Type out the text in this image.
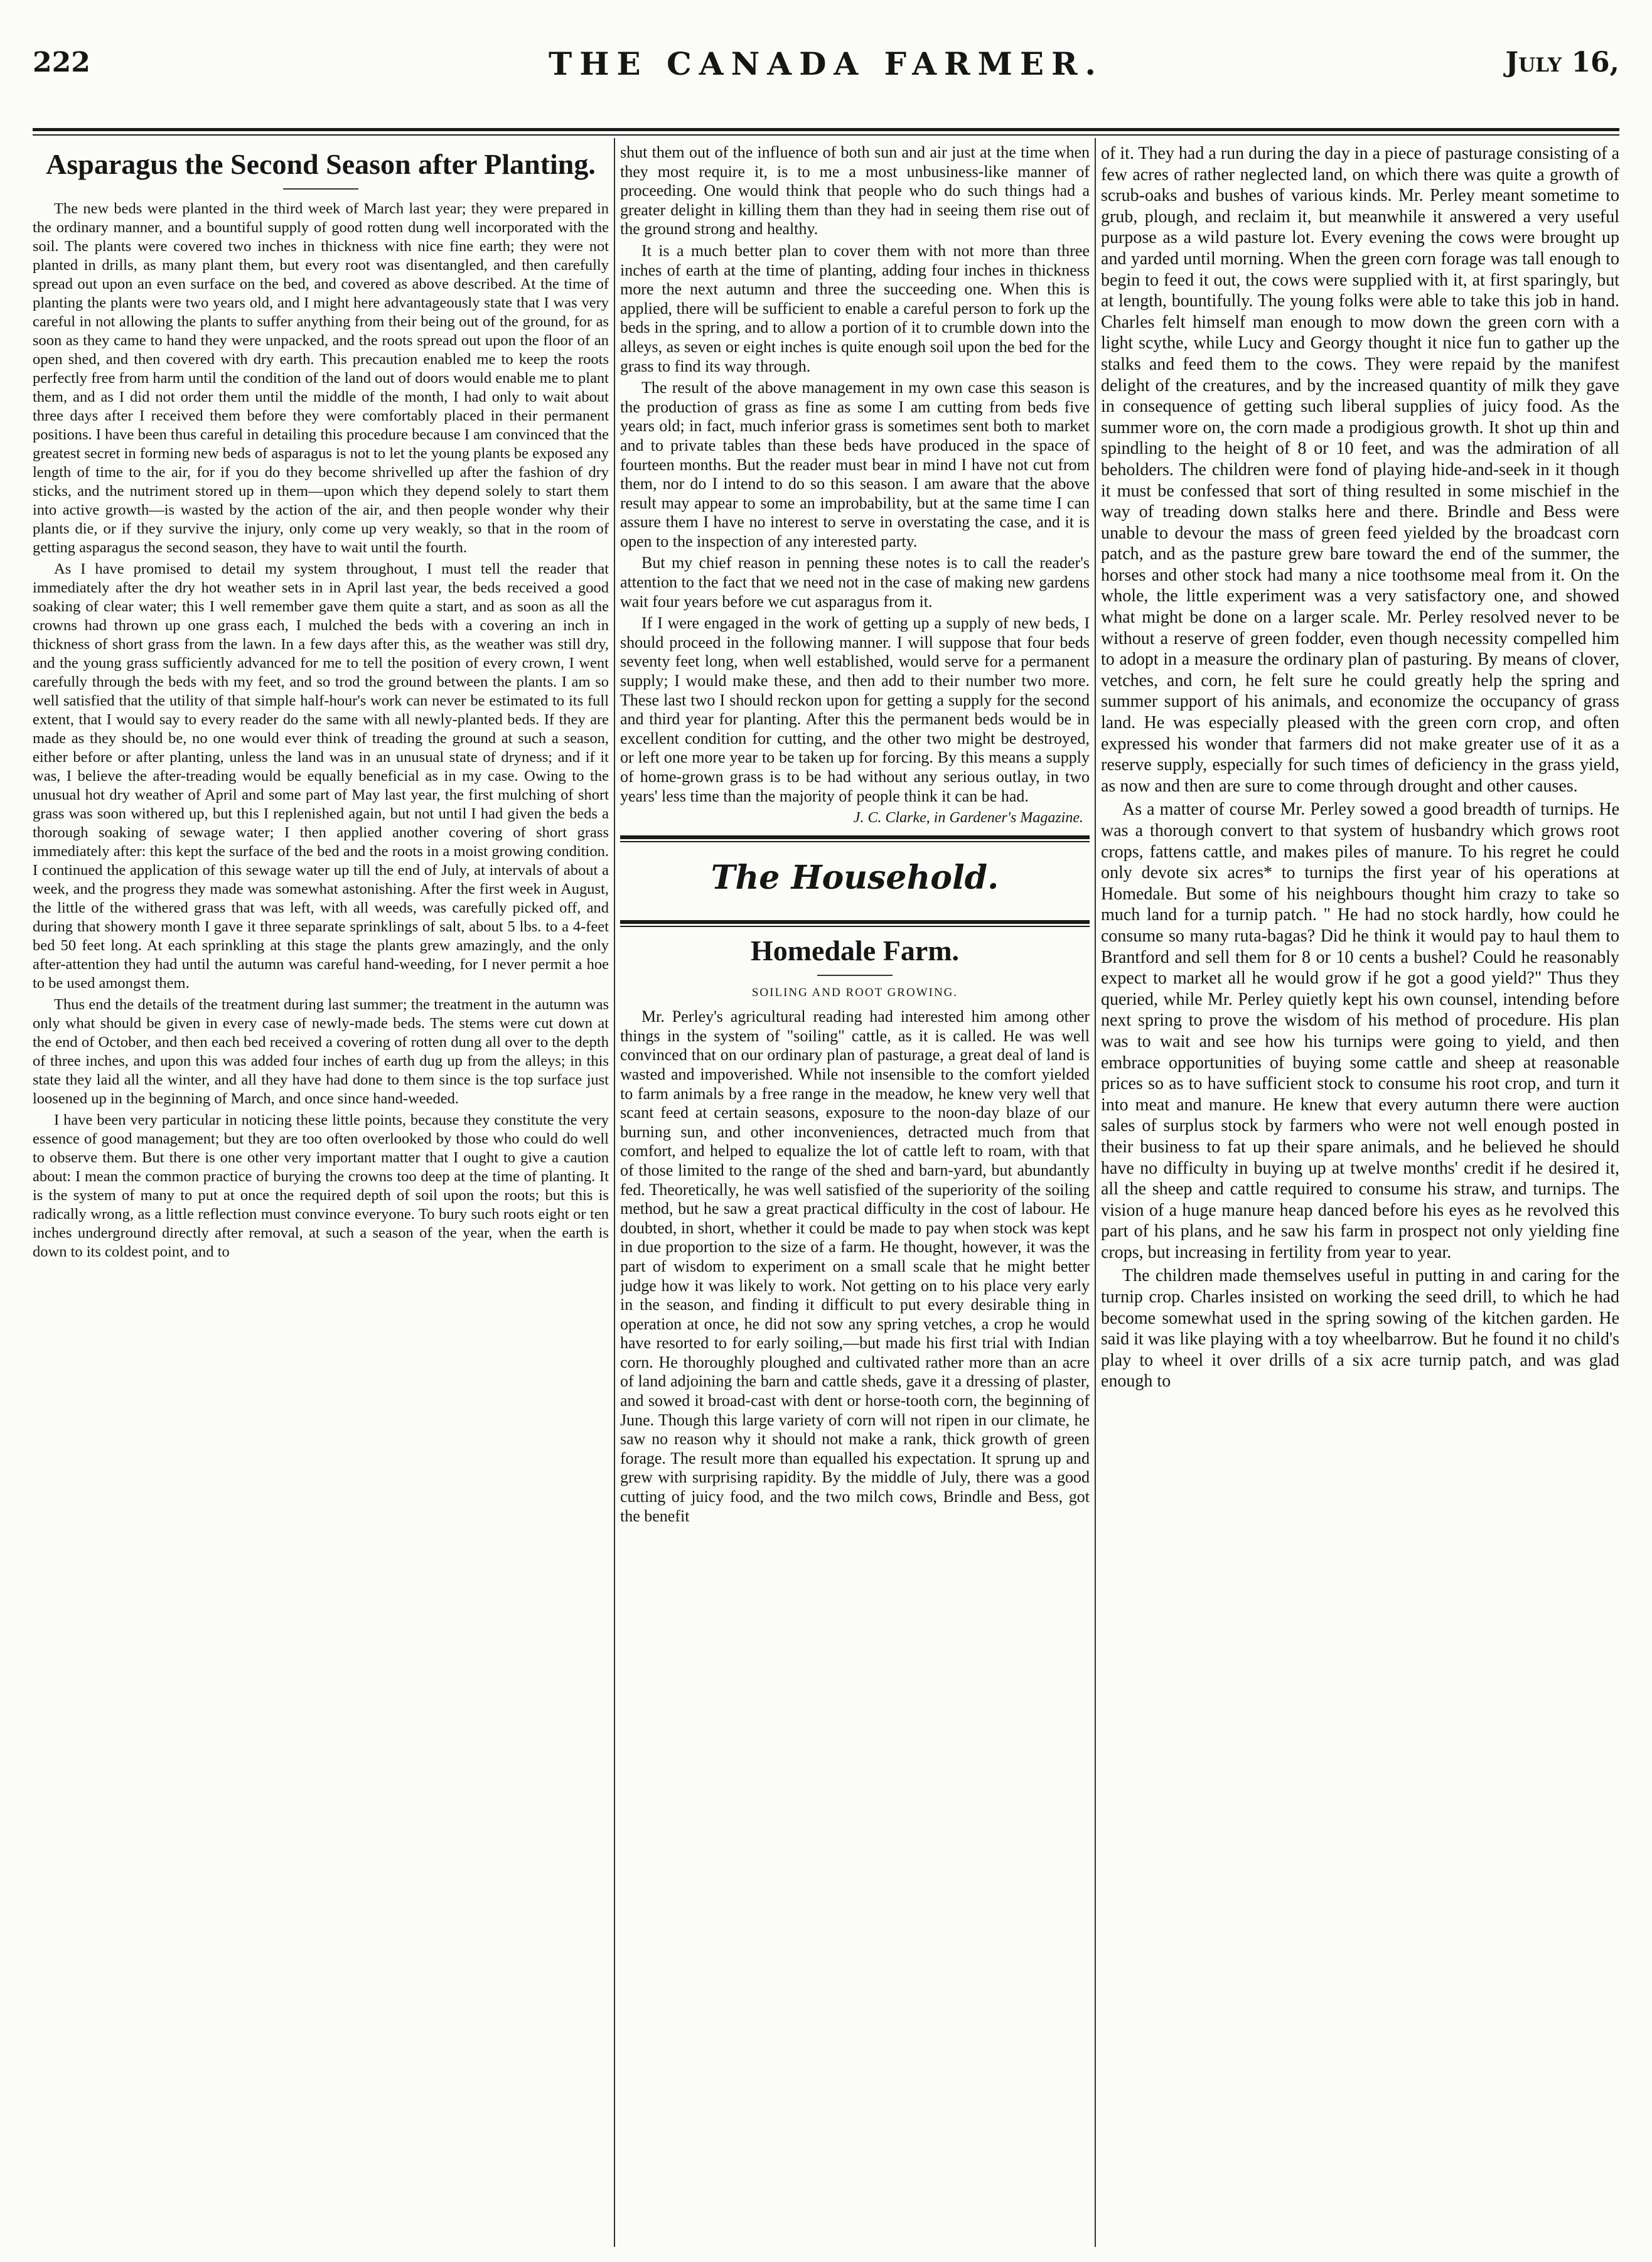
222	THE CANADA FARMER.	July 16,
Asparagus the Second Season after Planting.

The new beds were planted in the third week of March last year; they were prepared in the ordinary manner, and a bountiful supply of good rotten dung well incorporated with the soil. The plants were covered two inches in thickness with nice fine earth; they were not planted in drills, as many plant them, but every root was disentangled, and then carefully spread out upon an even surface on the bed, and covered as above described. At the time of planting the plants were two years old, and I might here advantageously state that I was very careful in not allowing the plants to suffer anything from their being out of the ground, for as soon as they came to hand they were unpacked, and the roots spread out upon the floor of an open shed, and then covered with dry earth. This precaution enabled me to keep the roots perfectly free from harm until the condition of the land out of doors would enable me to plant them, and as I did not order them until the middle of the month, I had only to wait about three days after I received them before they were comfortably placed in their permanent positions. I have been thus careful in detailing this procedure because I am convinced that the greatest secret in forming new beds of asparagus is not to let the young plants be exposed any length of time to the air, for if you do they become shrivelled up after the fashion of dry sticks, and the nutriment stored up in them—upon which they depend solely to start them into active growth—is wasted by the action of the air, and then people wonder why their plants die, or if they survive the injury, only come up very weakly, so that in the room of getting asparagus the second season, they have to wait until the fourth.

As I have promised to detail my system throughout, I must tell the reader that immediately after the dry hot weather sets in in April last year, the beds received a good soaking of clear water; this I well remember gave them quite a start, and as soon as all the crowns had thrown up one grass each, I mulched the beds with a covering an inch in thickness of short grass from the lawn. In a few days after this, as the weather was still dry, and the young grass sufficiently advanced for me to tell the position of every crown, I went carefully through the beds with my feet, and so trod the ground between the plants. I am so well satisfied that the utility of that simple half-hour's work can never be estimated to its full extent, that I would say to every reader do the same with all newly-planted beds. If they are made as they should be, no one would ever think of treading the ground at such a season, either before or after planting, unless the land was in an unusual state of dryness; and if it was, I believe the after-treading would be equally beneficial as in my case. Owing to the unusual hot dry weather of April and some part of May last year, the first mulching of short grass was soon withered up, but this I replenished again, but not until I had given the beds a thorough soaking of sewage water; I then applied another covering of short grass immediately after: this kept the surface of the bed and the roots in a moist growing condition. I continued the application of this sewage water up till the end of July, at intervals of about a week, and the progress they made was somewhat astonishing. After the first week in August, the little of the withered grass that was left, with all weeds, was carefully picked off, and during that showery month I gave it three separate sprinklings of salt, about 5 lbs. to a 4-feet bed 50 feet long. At each sprinkling at this stage the plants grew amazingly, and the only after-attention they had until the autumn was careful hand-weeding, for I never permit a hoe to be used amongst them.

Thus end the details of the treatment during last summer; the treatment in the autumn was only what should be given in every case of newly-made beds. The stems were cut down at the end of October, and then each bed received a covering of rotten dung all over to the depth of three inches, and upon this was added four inches of earth dug up from the alleys; in this state they laid all the winter, and all they have had done to them since is the top surface just loosened up in the beginning of March, and once since hand-weeded.

I have been very particular in noticing these little points, because they constitute the very essence of good management; but they are too often overlooked by those who could do well to observe them. But there is one other very important matter that I ought to give a caution about: I mean the common practice of burying the crowns too deep at the time of planting. It is the system of many to put at once the required depth of soil upon the roots; but this is radically wrong, as a little reflection must convince everyone. To bury such roots eight or ten inches underground directly after removal, at such a season of the year, when the earth is down to its coldest point, and to

shut them out of the influence of both sun and air just at the time when they most require it, is to me a most unbusiness-like manner of proceeding. One would think that people who do such things had a greater delight in killing them than they had in seeing them rise out of the ground strong and healthy.

It is a much better plan to cover them with not more than three inches of earth at the time of planting, adding four inches in thickness more the next autumn and three the succeeding one. When this is applied, there will be sufficient to enable a careful person to fork up the beds in the spring, and to allow a portion of it to crumble down into the alleys, as seven or eight inches is quite enough soil upon the bed for the grass to find its way through.

The result of the above management in my own case this season is the production of grass as fine as some I am cutting from beds five years old; in fact, much inferior grass is sometimes sent both to market and to private tables than these beds have produced in the space of fourteen months. But the reader must bear in mind I have not cut from them, nor do I intend to do so this season. I am aware that the above result may appear to some an improbability, but at the same time I can assure them I have no interest to serve in overstating the case, and it is open to the inspection of any interested party.

But my chief reason in penning these notes is to call the reader's attention to the fact that we need not in the case of making new gardens wait four years before we cut asparagus from it.

If I were engaged in the work of getting up a supply of new beds, I should proceed in the following manner. I will suppose that four beds seventy feet long, when well established, would serve for a permanent supply; I would make these, and then add to their number two more. These last two I should reckon upon for getting a supply for the second and third year for planting. After this the permanent beds would be in excellent condition for cutting, and the other two might be destroyed, or left one more year to be taken up for forcing. By this means a supply of home-grown grass is to be had without any serious outlay, in two years' less time than the majority of people think it can be had.

J. C. Clarke, in Gardener's Magazine.
The Household.
Homedale Farm.
SOILING AND ROOT GROWING.

Mr. Perley's agricultural reading had interested him among other things in the system of "soiling" cattle, as it is called. He was well convinced that on our ordinary plan of pasturage, a great deal of land is wasted and impoverished. While not insensible to the comfort yielded to farm animals by a free range in the meadow, he knew very well that scant feed at certain seasons, exposure to the noon-day blaze of our burning sun, and other inconveniences, detracted much from that comfort, and helped to equalize the lot of cattle left to roam, with that of those limited to the range of the shed and barn-yard, but abundantly fed. Theoretically, he was well satisfied of the superiority of the soiling method, but he saw a great practical difficulty in the cost of labour. He doubted, in short, whether it could be made to pay when stock was kept in due proportion to the size of a farm. He thought, however, it was the part of wisdom to experiment on a small scale that he might better judge how it was likely to work. Not getting on to his place very early in the season, and finding it difficult to put every desirable thing in operation at once, he did not sow any spring vetches, a crop he would have resorted to for early soiling,—but made his first trial with Indian corn. He thoroughly ploughed and cultivated rather more than an acre of land adjoining the barn and cattle sheds, gave it a dressing of plaster, and sowed it broad-cast with dent or horse-tooth corn, the beginning of June. Though this large variety of corn will not ripen in our climate, he saw no reason why it should not make a rank, thick growth of green forage. The result more than equalled his expectation. It sprung up and grew with surprising rapidity. By the middle of July, there was a good cutting of juicy food, and the two milch cows, Brindle and Bess, got the benefit

of it. They had a run during the day in a piece of pasturage consisting of a few acres of rather neglected land, on which there was quite a growth of scrub-oaks and bushes of various kinds. Mr. Perley meant sometime to grub, plough, and reclaim it, but meanwhile it answered a very useful purpose as a wild pasture lot. Every evening the cows were brought up and yarded until morning. When the green corn forage was tall enough to begin to feed it out, the cows were supplied with it, at first sparingly, but at length, bountifully. The young folks were able to take this job in hand. Charles felt himself man enough to mow down the green corn with a light scythe, while Lucy and Georgy thought it nice fun to gather up the stalks and feed them to the cows. They were repaid by the manifest delight of the creatures, and by the increased quantity of milk they gave in consequence of getting such liberal supplies of juicy food. As the summer wore on, the corn made a prodigious growth. It shot up thin and spindling to the height of 8 or 10 feet, and was the admiration of all beholders. The children were fond of playing hide-and-seek in it though it must be confessed that sort of thing resulted in some mischief in the way of treading down stalks here and there. Brindle and Bess were unable to devour the mass of green feed yielded by the broadcast corn patch, and as the pasture grew bare toward the end of the summer, the horses and other stock had many a nice toothsome meal from it. On the whole, the little experiment was a very satisfactory one, and showed what might be done on a larger scale. Mr. Perley resolved never to be without a reserve of green fodder, even though necessity compelled him to adopt in a measure the ordinary plan of pasturing. By means of clover, vetches, and corn, he felt sure he could greatly help the spring and summer support of his animals, and economize the occupancy of grass land. He was especially pleased with the green corn crop, and often expressed his wonder that farmers did not make greater use of it as a reserve supply, especially for such times of deficiency in the grass yield, as now and then are sure to come through drought and other causes.

As a matter of course Mr. Perley sowed a good breadth of turnips. He was a thorough convert to that system of husbandry which grows root crops, fattens cattle, and makes piles of manure. To his regret he could only devote six acres* to turnips the first year of his operations at Homedale. But some of his neighbours thought him crazy to take so much land for a turnip patch. " He had no stock hardly, how could he consume so many ruta-bagas? Did he think it would pay to haul them to Brantford and sell them for 8 or 10 cents a bushel? Could he reasonably expect to market all he would grow if he got a good yield?" Thus they queried, while Mr. Perley quietly kept his own counsel, intending before next spring to prove the wisdom of his method of procedure. His plan was to wait and see how his turnips were going to yield, and then embrace opportunities of buying some cattle and sheep at reasonable prices so as to have sufficient stock to consume his root crop, and turn it into meat and manure. He knew that every autumn there were auction sales of surplus stock by farmers who were not well enough posted in their business to fat up their spare animals, and he believed he should have no difficulty in buying up at twelve months' credit if he desired it, all the sheep and cattle required to consume his straw, and turnips. The vision of a huge manure heap danced before his eyes as he revolved this part of his plans, and he saw his farm in prospect not only yielding fine crops, but increasing in fertility from year to year.

The children made themselves useful in putting in and caring for the turnip crop. Charles insisted on working the seed drill, to which he had become somewhat used in the spring sowing of the kitchen garden. He said it was like playing with a toy wheelbarrow. But he found it no child's play to wheel it over drills of a six acre turnip patch, and was glad enough to
